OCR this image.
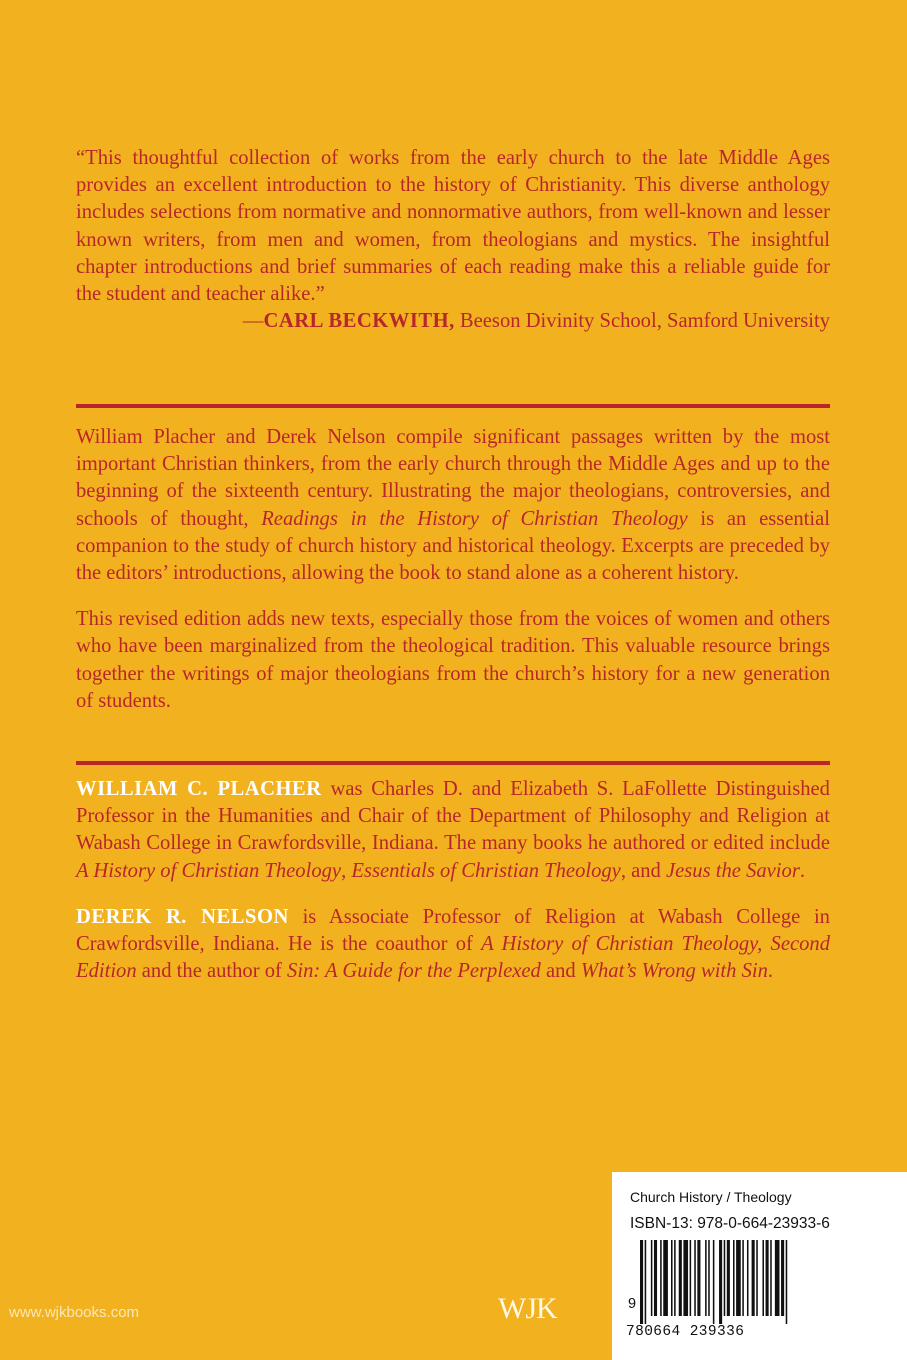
“This thoughtful collection of works from the early church to the late Middle Ages provides an excellent introduction to the history of Christianity. This diverse anthology includes selections from normative and nonnormative authors, from well-known and lesser known writers, from men and women, from theologians and mystics. The insightful chapter introductions and brief summaries of each reading make this a reliable guide for the student and teacher alike.”

—CARL BECKWITH, Beeson Divinity School, Samford University

William Placher and Derek Nelson compile significant passages written by the most important Christian thinkers, from the early church through the Middle Ages and up to the beginning of the sixteenth century. Illustrating the major theologians, controversies, and schools of thought, Readings in the History of Christian Theology is an essential companion to the study of church history and historical theology. Excerpts are preceded by the editors’ introductions, allowing the book to stand alone as a coherent history.

This revised edition adds new texts, especially those from the voices of women and others who have been marginalized from the theological tradition. This valuable resource brings together the writings of major theologians from the church’s history for a new generation of students.

WILLIAM C. PLACHER was Charles D. and Elizabeth S. LaFollette Distinguished Professor in the Humanities and Chair of the Department of Philosophy and Religion at Wabash College in Crawfordsville, Indiana. The many books he authored or edited include A History of Christian Theology, Essentials of Christian Theology, and Jesus the Savior.

DEREK R. NELSON is Associate Professor of Religion at Wabash College in Crawfordsville, Indiana. He is the coauthor of A History of Christian Theology, Second Edition and the author of Sin: A Guide for the Perplexed and What’s Wrong with Sin.

www.wjkbooks.com	WJK
Church History / Theology
ISBN-13: 978-0-664-23933-6
9
780664 239336
